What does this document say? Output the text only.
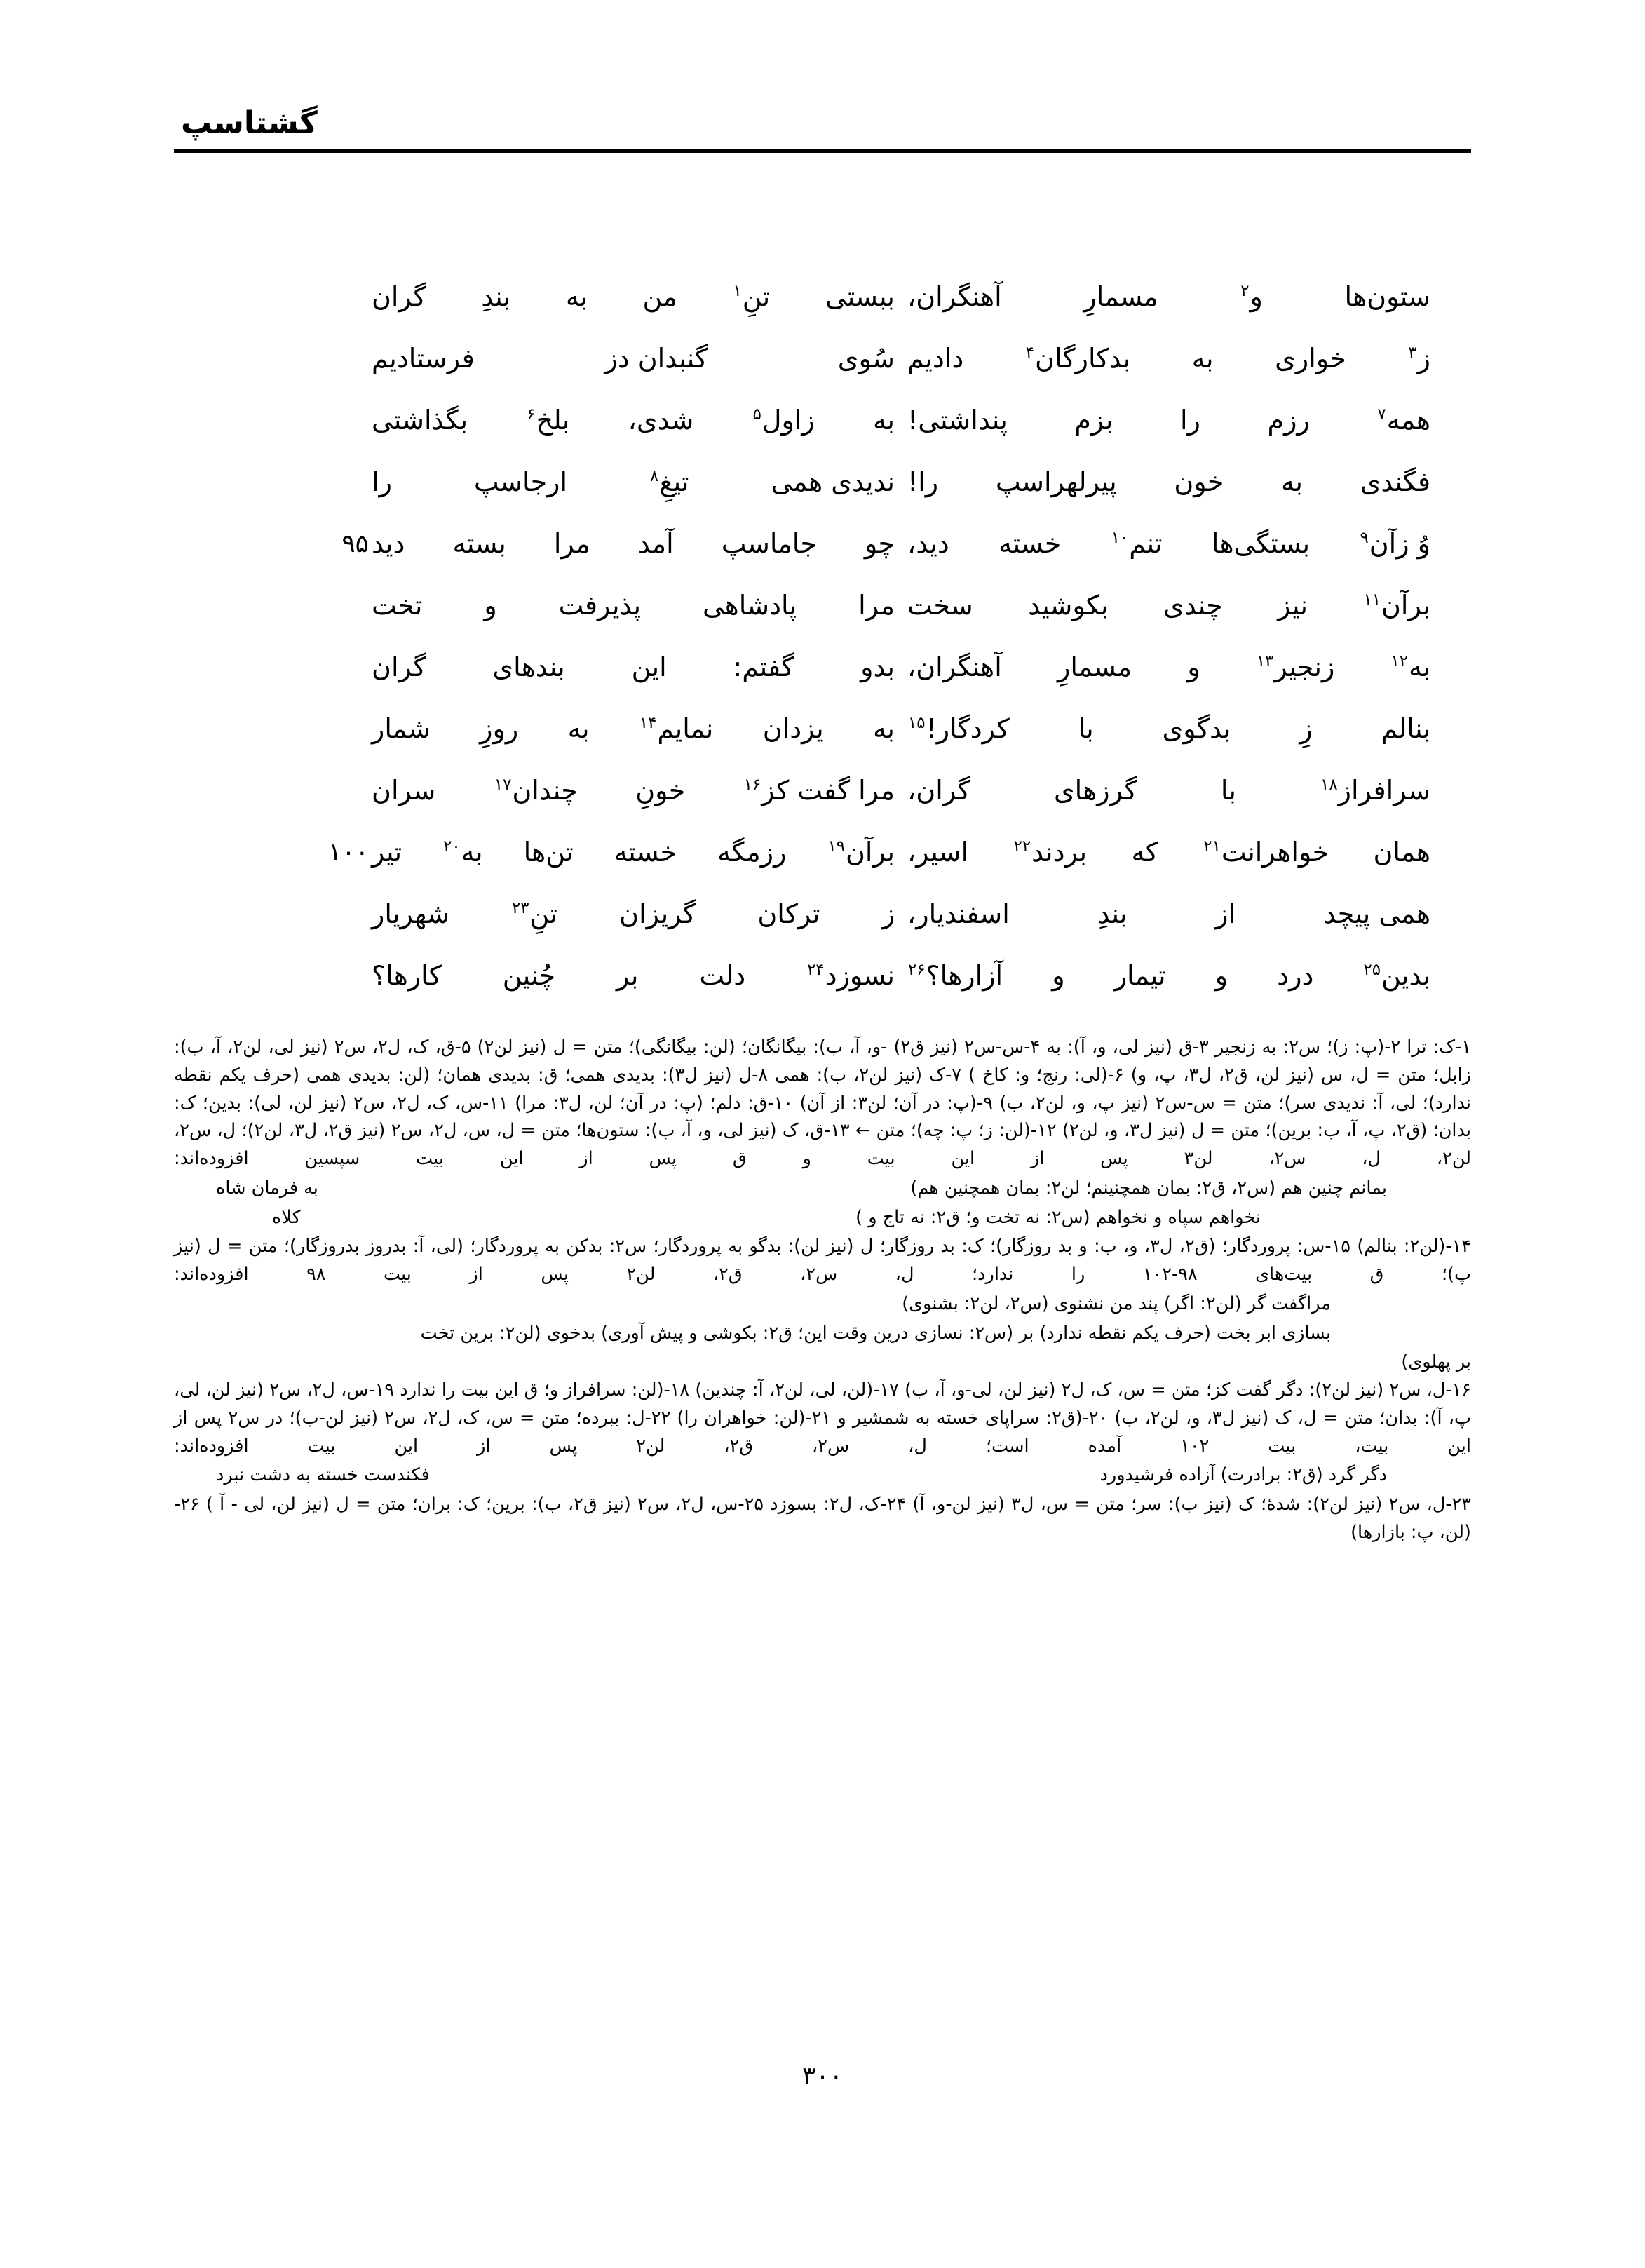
گشتاسپ
ستون‌ها
و$^۲$
مسمارِ
آهنگران،
ببستی
تنِ$^۱$
من
به
بندِ
گران
ز$^۳$
خواری
به
بدکارگان$^۴$
دادیم
سُوی
گنبدان دز
فرستادیم
همه$^۷$
رزم
را
بزم
پنداشتی!
به
زاول$^۵$
شدی،
بلخ$^۶$
بگذاشتی
فگندی
به
خون
پیرلهراسپ
را!
ندیدی همی
تیغِ$^۸$
ارجاسپ
را
وُ زآن$^۹$
بستگی‌ها
تنم$^{۱۰}$
خسته
دید،
چو
جاماسپ
آمد
مرا
بسته
دید
۹۵
برآن$^{۱۱}$
نیز
چندی
بکوشید
سخت
مرا
پادشاهی
پذیرفت
و
تخت
به$^{۱۲}$
زنجیر$^{۱۳}$
و
مسمارِ
آهنگران،
بدو
گفتم:
این
بندهای
گران
بنالم
زِ
بدگوی
با
کردگار!$^{۱۵}$
به
یزدان
نمایم$^{۱۴}$
به
روزِ
شمار
سرافراز$^{۱۸}$
با
گرزهای
گران،
مرا گفت کز$^{۱۶}$
خونِ
چندان$^{۱۷}$
سران
همان
خواهرانت$^{۲۱}$
که
بردند$^{۲۲}$
اسیر،
برآن$^{۱۹}$
رزمگه
خسته
تن‌ها
به$^{۲۰}$
تیر
۱۰۰
همی پیچد
از
بندِ
اسفندیار،
ز
ترکان
گریزان
تنِ$^{۲۳}$
شهریار
بدین$^{۲۵}$
درد
و
تیمار
و
آزارها؟$^{۲۶}$
نسوزد$^{۲۴}$
دلت
بر
چُنین
کارها؟

۱-ک: ترا ۲-(پ: ز)؛ س۲: به زنجیر ۳-ق (نیز لی، و، آ): به ۴-س-س۲ (نیز ق۲) -و، آ، ب): بیگانگان؛ (لن: بیگانگی)؛ متن = ل (نیز لن۲) ۵-ق، ک، ل۲، س۲ (نیز لی، لن۲، آ، ب): زابل؛ متن = ل، س (نیز لن، ق۲، ل۳، پ، و) ۶-(لی: رنج؛ و: کاخ ) ۷-ک (نیز لن۲، ب): همی ۸-ل (نیز ل۳): بدیدی همی؛ ق: بدیدی همان؛ (لن: بدیدی همی (حرف یکم نقطه ندارد)؛ لی، آ: ندیدی سر)؛ متن = س-س۲ (نیز پ، و، لن۲، ب) ۹-(پ: در آن؛ لن۳: از آن) ۱۰-ق: دلم؛ (پ: در آن؛ لن، ل۳: مرا) ۱۱-س، ک، ل۲، س۲ (نیز لن، لی): بدین؛ ک: بدان؛ (ق۲، پ، آ، ب: برین)؛ متن = ل (نیز ل۳، و، لن۲) ۱۲-(لن: ز؛ پ: چه)؛ متن ← ۱۳-ق، ک (نیز لی، و، آ، ب): ستون‌ها؛ متن = ل، س، ل۲، س۲ (نیز ق۲، ل۳، لن۲)؛ ل، س۲، لن۲، ل، س۲، لن۳ پس از این بیت و ق پس از این بیت سپسین افزوده‌اند:

بمانم چنین هم (س۲، ق۲: بمان همچنینم؛ لن۲: بمان همچنین هم)
به فرمان شاه
نخواهم سپاه و نخواهم (س۲: نه تخت و؛ ق۲: نه تاج و )
کلاه

۱۴-(لن۲: بنالم) ۱۵-س: پروردگار؛ (ق۲، ل۳، و، ب: و بد روزگار)؛ ک: بد روزگار؛ ل (نیز لن): بدگو به پروردگار؛ س۲: بدکن به پروردگار؛ (لی، آ: بدروز بدروزگار)؛ متن = ل (نیز پ)؛ ق بیت‌های ۹۸-۱۰۲ را ندارد؛ ل، س۲، ق۲، لن۲ پس از بیت ۹۸ افزوده‌اند:

مراگفت گر (لن۲: اگر) پند من نشنوی (س۲، لن۲: بشنوی)
بسازی ابر بخت (حرف یکم نقطه ندارد) بر (س۲: نسازی درین وقت این؛ ق۲: بکوشی و پیش آوری) بدخوی (لن۲: برین تخت
بر پهلوی)

۱۶-ل، س۲ (نیز لن۲): دگر گفت کز؛ متن = س، ک، ل۲ (نیز لن، لی-و، آ، ب) ۱۷-(لن، لی، لن۲، آ: چندین) ۱۸-(لن: سرافراز و؛ ق این بیت را ندارد ۱۹-س، ل۲، س۲ (نیز لن، لی، پ، آ): بدان؛ متن = ل، ک (نیز ل۳، و، لن۲، ب) ۲۰-(ق۲: سراپای خسته به شمشیر و ۲۱-(لن: خواهران را) ۲۲-ل: ببرده؛ متن = س، ک، ل۲، س۲ (نیز لن-ب)؛ در س۲ پس از این بیت، بیت ۱۰۲ آمده است؛ ل، س۲، ق۲، لن۲ پس از این بیت افزوده‌اند:

دگر گرد (ق۲: برادرت) آزاده فرشیدورد
فکندست خسته به دشت نبرد

۲۳-ل، س۲ (نیز لن۲): شدهٔ؛ ک (نیز ب): سر؛ متن = س، ل۳ (نیز لن-و، آ) ۲۴-ک، ل۲: بسوزد ۲۵-س، ل۲، س۲ (نیز ق۲، ب): برین؛ ک: بران؛ متن = ل (نیز لن، لی - آ ) ۲۶-(لن، پ: بازارها)

۳۰۰
